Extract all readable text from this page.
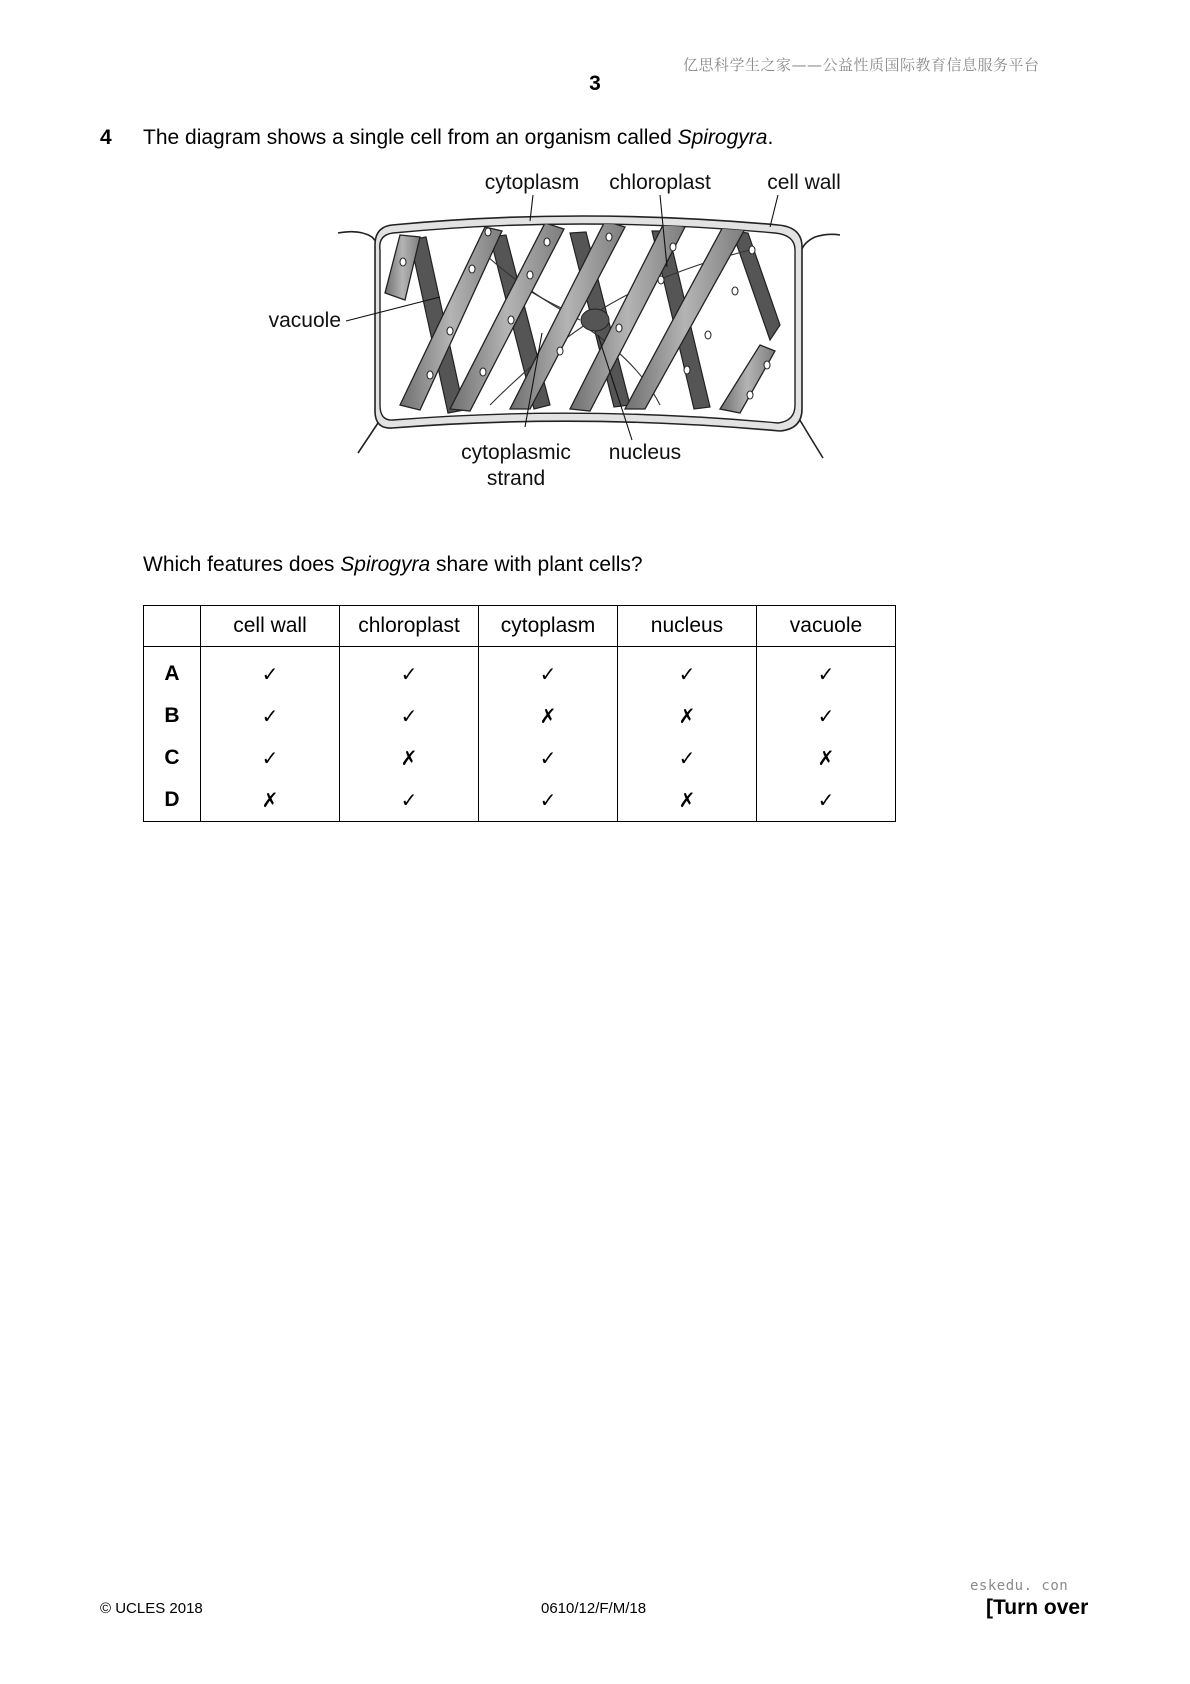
亿思科学生之家——公益性质国际教育信息服务平台
3
4 The diagram shows a single cell from an organism called Spirogyra.
cytoplasm chloroplast	cell wall
vacuole
cytoplasmic
strand
nucleus
Which features does Spirogyra share with plant cells?
	cell wall	chloroplast	cytoplasm	nucleus	vacuole
A	✓	✓	✓	✓	✓
B	✓	✓	✗	✗	✓
C	✓	✗	✓	✓	✗
D	✗	✓	✓	✗	✓
eskedu. con
© UCLES 2018	0610/12/F/M/18	[Turn over
